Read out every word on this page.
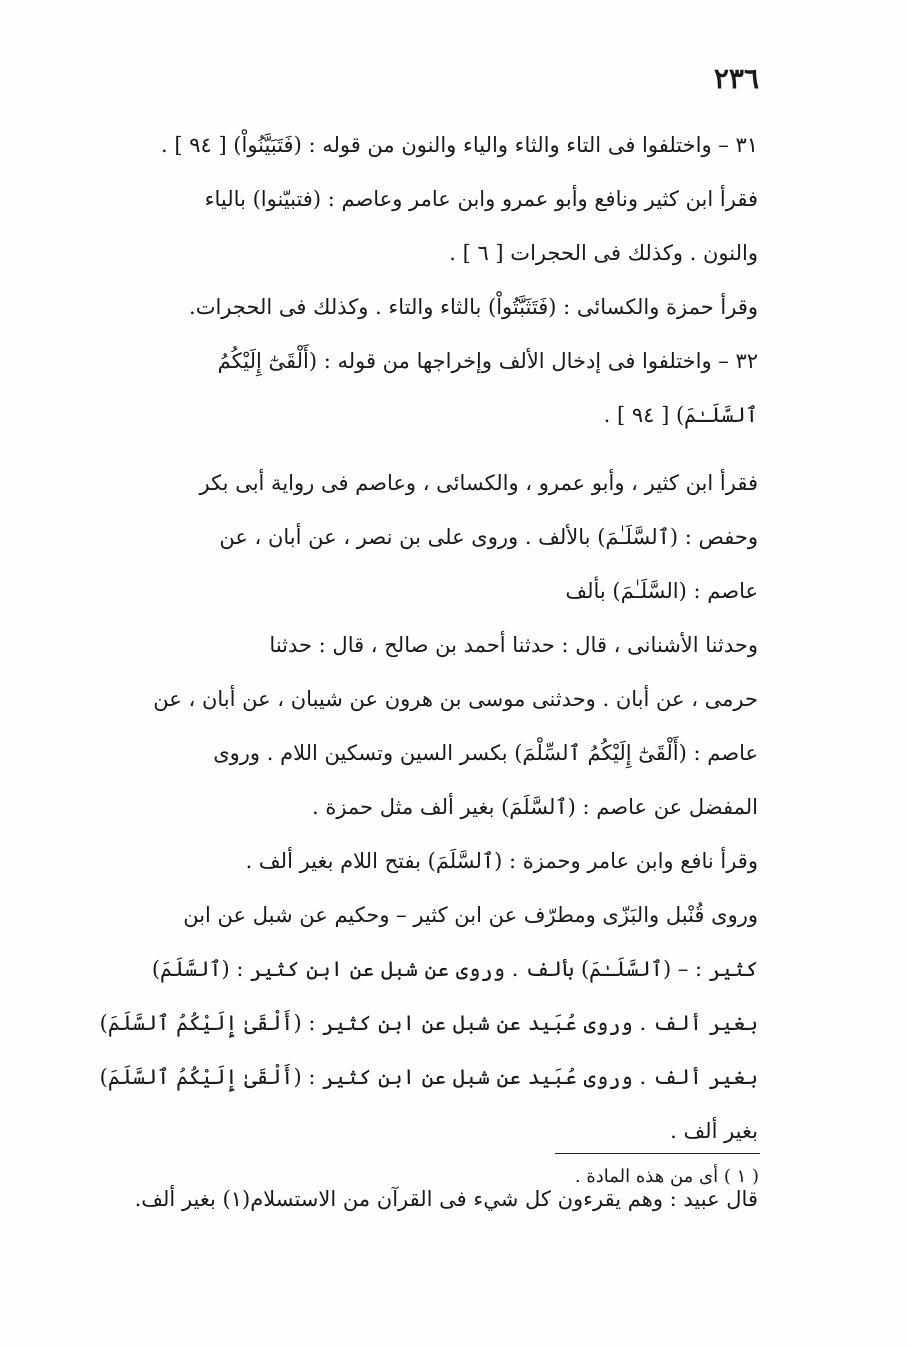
٢٣٦
٣١ – واختلفوا فى التاء والثاء والياء والنون من قوله : (فَتَبَيَّنُواْ) [ ٩٤ ] .
فقرأ ابن كثير ونافع وأبو عمرو وابن عامر وعاصم : (فتبيّنوا) بالياء
والنون . وكذلك فى الحجرات [ ٦ ] .
وقرأ حمزة والكسائى : (فَتَثَبَّتُواْ) بالثاء والتاء . وكذلك فى الحجرات.
٣٢ – واختلفوا فى إدخال الألف وإخراجها من قوله : (أَلْقَىٰٓ إِلَيْكُمُ
ٱلسَّلَـٰمَ) [ ٩٤ ] .
فقرأ ابن كثير ، وأبو عمرو ، والكسائى ، وعاصم فى رواية أبى بكر
وحفص : (ٱلسَّلَـٰمَ) بالألف . وروى على بن نصر ، عن أبان ، عن
عاصم : (السَّلَـٰمَ) بألف
وحدثنا الأشنانى ، قال : حدثنا أحمد بن صالح ، قال : حدثنا
حرمى ، عن أبان . وحدثنى موسى بن هرون عن شيبان ، عن أبان ، عن
عاصم : (أَلْقَىٰٓ إِلَيْكُمُ ٱلسِّلْمَ) بكسر السين وتسكين اللام . وروى
المفضل عن عاصم : (ٱلسَّلَمَ) بغير ألف مثل حمزة .
وقرأ نافع وابن عامر وحمزة : (ٱلسَّلَمَ) بفتح اللام بغير ألف .
وروى قُنْبل والبَزّى ومطرّف عن ابن كثير – وحكيم عن شبل عن ابن
كثير : – (ٱلسَّلَـٰمَ) بألف . وروى عن شبل عن ابن كثير : (ٱلسَّلَمَ)
بغير ألف . وروى عُبَيد عن شبل عن ابن كثير : (أَلْقَىٰ إِلَيْكُمُ ٱلسَّلَمَ)
بغير ألف . وروى عُبَيد عن شبل عن ابن كثير : (أَلْقَىٰ إِلَيْكُمُ ٱلسَّلَمَ)
بغير ألف .
قال عبيد : وهم يقرءون كل شيء فى القرآن من الاستسلام(١) بغير ألف.
( ١ ) أى من هذه المادة .
